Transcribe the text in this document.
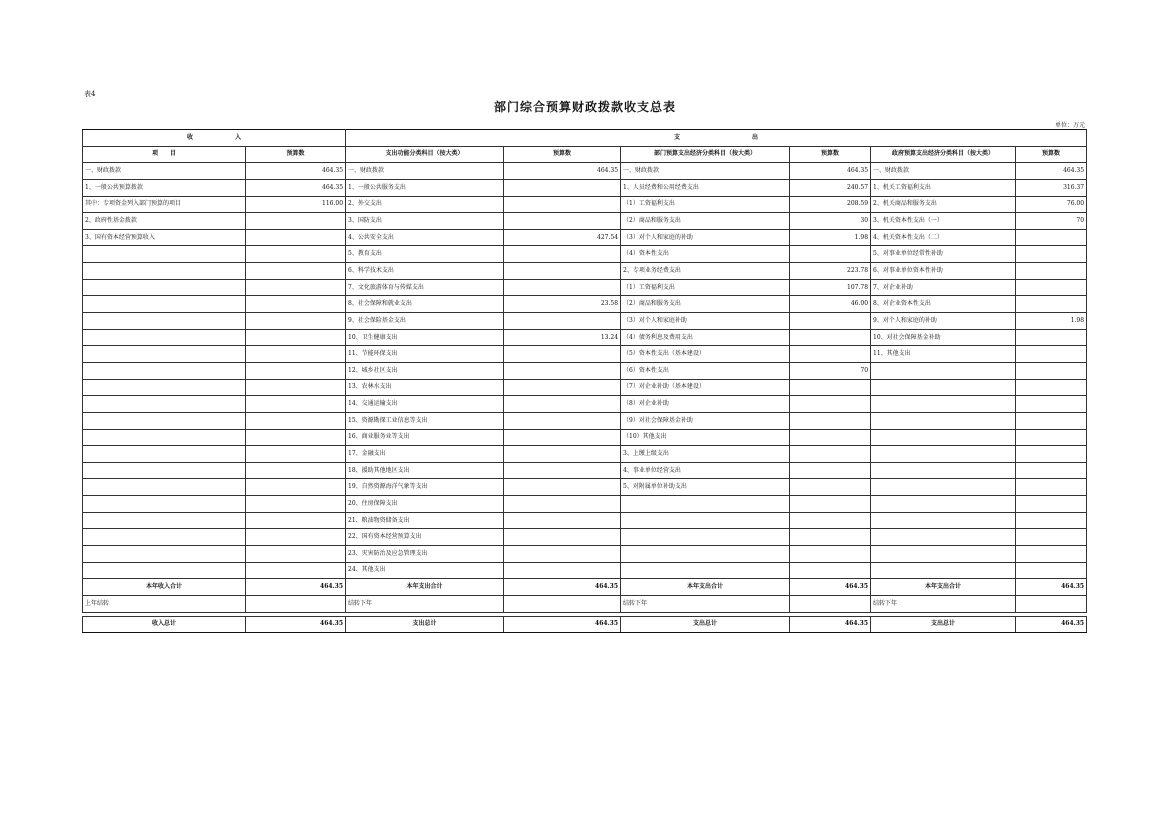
表4
部门综合预算财政拨款收支总表
单位：万元
收　　　　　　　入		支　　　　　　　　　　　　出					
项　　目	预算数	支出功能分类科目（按大类）	预算数	部门预算支出经济分类科目（按大类）	预算数	政府预算支出经济分类科目（按大类）	预算数
一、财政拨款	464.35	一、财政拨款	464.35	一、财政拨款	464.35	一、财政拨款	464.35
1、一般公共预算拨款	464.35	1、一般公共服务支出		1、人员经费和公用经费支出	240.57	1、机关工资福利支出	316.37
其中：专项资金列入部门预算的项目	116.00	2、外交支出		（1）工资福利支出	208.59	2、机关商品和服务支出	76.00
2、政府性基金拨款		3、国防支出		（2）商品和服务支出	30	3、机关资本性支出（一）	70
3、国有资本经营预算收入		4、公共安全支出	427.54	（3）对个人和家庭的补助	1.98	4、机关资本性支出（二）	
		5、教育支出		（4）资本性支出		5、对事业单位经常性补助	
		6、科学技术支出		2、专项业务经费支出	223.78	6、对事业单位资本性补助	
		7、文化旅游体育与传媒支出		（1）工资福利支出	107.78	7、对企业补助	
		8、社会保障和就业支出	23.58	（2）商品和服务支出	46.00	8、对企业资本性支出	
		9、社会保险基金支出		（3）对个人和家庭补助		9、对个人和家庭的补助	1.98
		10、卫生健康支出	13.24	（4）债务利息及费用支出		10、对社会保障基金补助	
		11、节能环保支出		（5）资本性支出（基本建设）		11、其他支出	
		12、城乡社区支出		（6）资本性支出	70		
		13、农林水支出		（7）对企业补助（基本建设）			
		14、交通运输支出		（8）对企业补助			
		15、资源勘探工业信息等支出		（9）对社会保障基金补助			
		16、商业服务业等支出		（10）其他支出			
		17、金融支出		3、上缴上级支出			
		18、援助其他地区支出		4、事业单位经营支出			
		19、自然资源海洋气象等支出		5、对附属单位补助支出			
		20、住房保障支出					
		21、粮油物资储备支出					
		22、国有资本经营预算支出					
		23、灾害防治及应急管理支出					
		24、其他支出					
本年收入合计	464.35	本年支出合计	464.35	本年支出合计	464.35	本年支出合计	464.35
上年结转		结转下年		结转下年		结转下年	

收入总计	464.35	支出总计	464.35	支出总计	464.35	支出总计	464.35
